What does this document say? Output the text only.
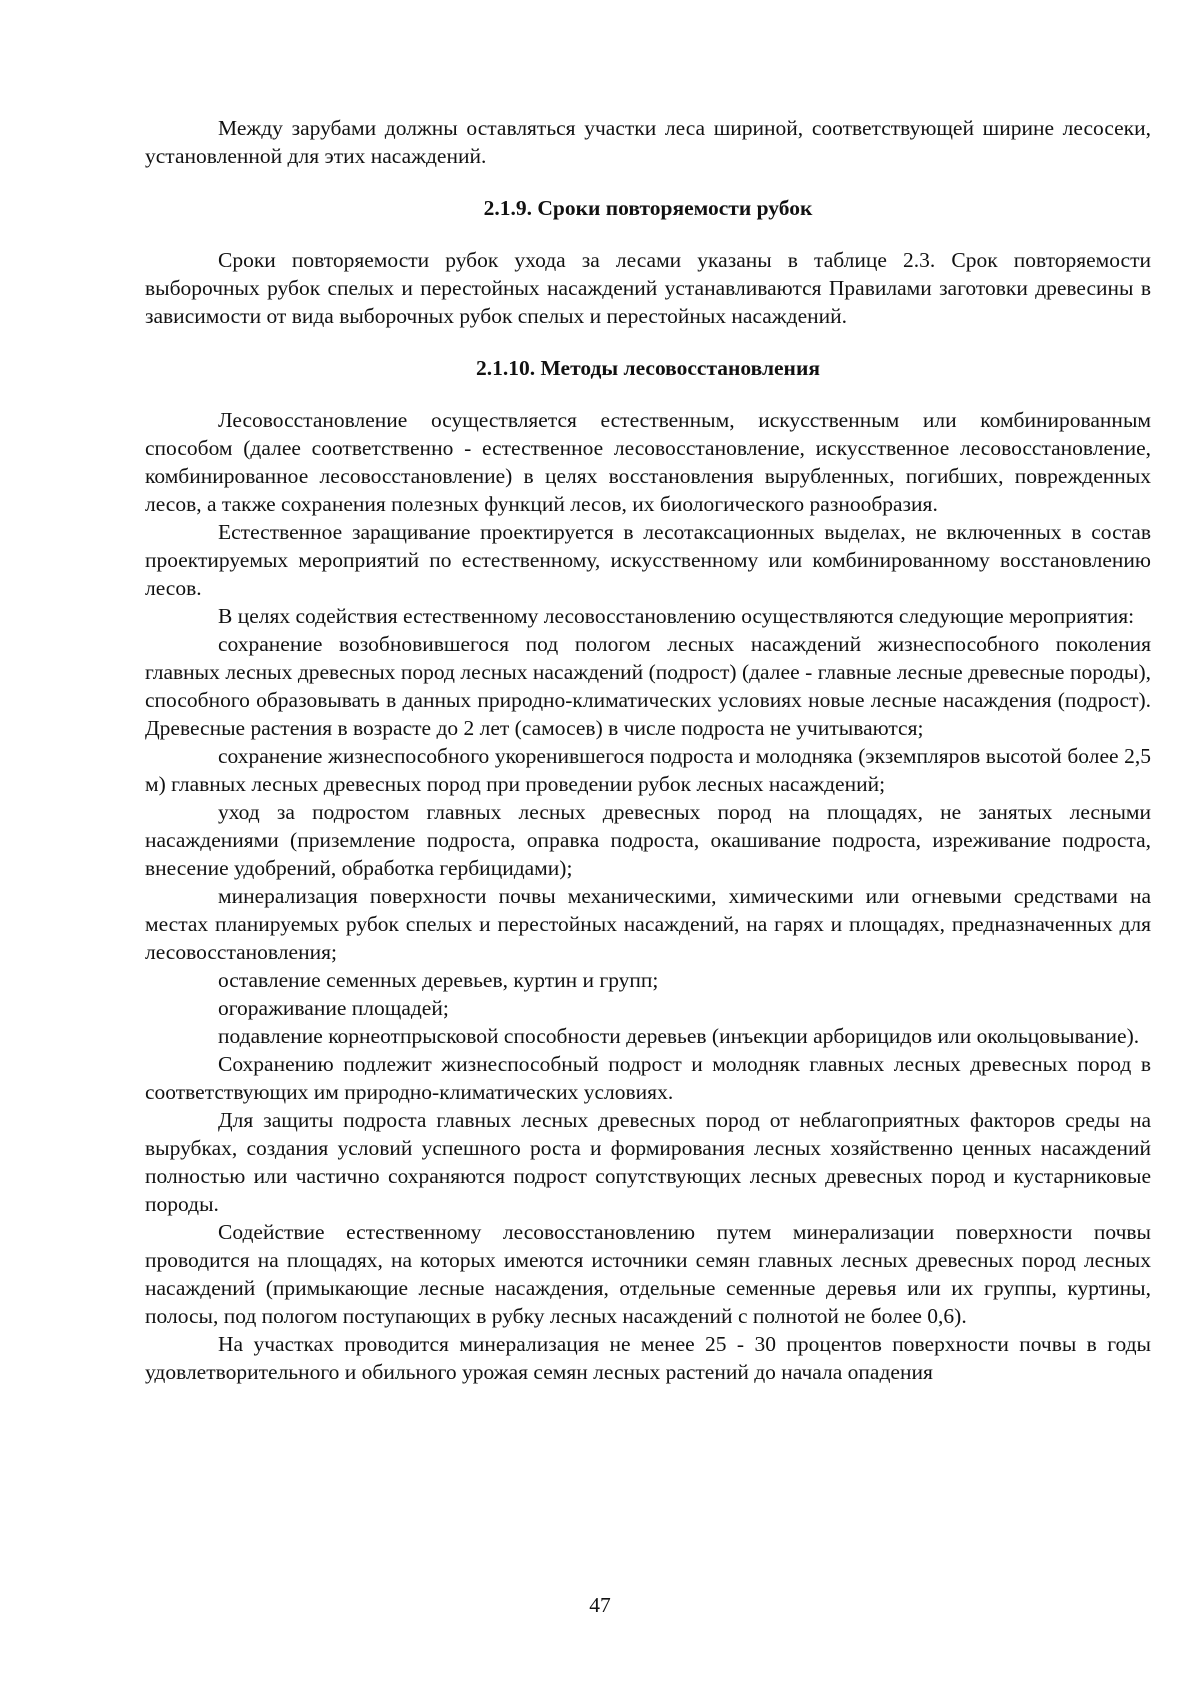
Между зарубами должны оставляться участки леса шириной, соответствующей ширине лесосеки, установленной для этих насаждений.

2.1.9. Сроки повторяемости рубок

Сроки повторяемости рубок ухода за лесами указаны в таблице 2.3. Срок повторяемости выборочных рубок спелых и перестойных насаждений устанавливаются Правилами заготовки древесины в зависимости от вида выборочных рубок спелых и перестойных насаждений.

2.1.10. Методы лесовосстановления

Лесовосстановление осуществляется естественным, искусственным или комбинированным способом (далее соответственно - естественное лесовосстановление, искусственное лесовосстановление, комбинированное лесовосстановление) в целях восстановления вырубленных, погибших, поврежденных лесов, а также сохранения полезных функций лесов, их биологического разнообразия.

Естественное заращивание проектируется в лесотаксационных выделах, не включенных в состав проектируемых мероприятий по естественному, искусственному или комбинированному восстановлению лесов.

В целях содействия естественному лесовосстановлению осуществляются следующие мероприятия:

сохранение возобновившегося под пологом лесных насаждений жизнеспособного поколения главных лесных древесных пород лесных насаждений (подрост) (далее - главные лесные древесные породы), способного образовывать в данных природно-климатических условиях новые лесные насаждения (подрост). Древесные растения в возрасте до 2 лет (самосев) в числе подроста не учитываются;

сохранение жизнеспособного укоренившегося подроста и молодняка (экземпляров высотой более 2,5 м) главных лесных древесных пород при проведении рубок лесных насаждений;

уход за подростом главных лесных древесных пород на площадях, не занятых лесными насаждениями (приземление подроста, оправка подроста, окашивание подроста, изреживание подроста, внесение удобрений, обработка гербицидами);

минерализация поверхности почвы механическими, химическими или огневыми средствами на местах планируемых рубок спелых и перестойных насаждений, на гарях и площадях, предназначенных для лесовосстановления;

оставление семенных деревьев, куртин и групп;

огораживание площадей;

подавление корнеотпрысковой способности деревьев (инъекции арборицидов или окольцовывание).

Сохранению подлежит жизнеспособный подрост и молодняк главных лесных древесных пород в соответствующих им природно-климатических условиях.

Для защиты подроста главных лесных древесных пород от неблагоприятных факторов среды на вырубках, создания условий успешного роста и формирования лесных хозяйственно ценных насаждений полностью или частично сохраняются подрост сопутствующих лесных древесных пород и кустарниковые породы.

Содействие естественному лесовосстановлению путем минерализации поверхности почвы проводится на площадях, на которых имеются источники семян главных лесных древесных пород лесных насаждений (примыкающие лесные насаждения, отдельные семенные деревья или их группы, куртины, полосы, под пологом поступающих в рубку лесных насаждений с полнотой не более 0,6).

На участках проводится минерализация не менее 25 - 30 процентов поверхности почвы в годы удовлетворительного и обильного урожая семян лесных растений до начала опадения

47
